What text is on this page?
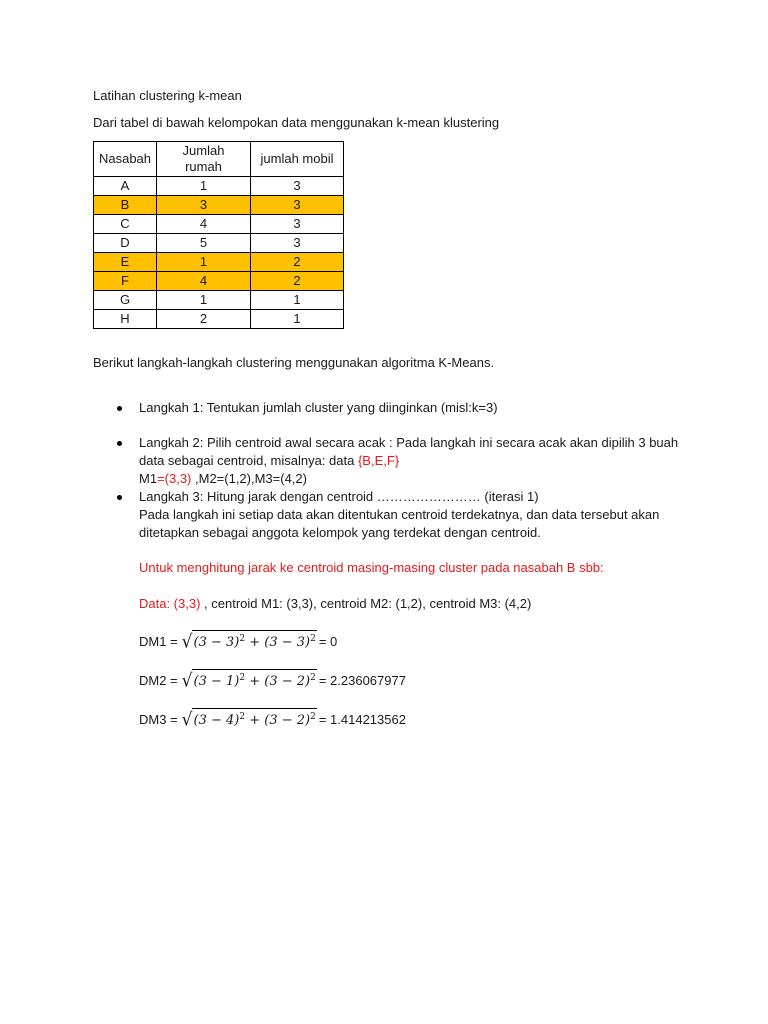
Latihan clustering k-mean
Dari tabel di bawah kelompokan data menggunakan k-mean klustering
Nasabah	Jumlah rumah	jumlah mobil
A	1	3
B	3	3
C	4	3
D	5	3
E	1	2
F	4	2
G	1	1
H	2	1
Berikut langkah-langkah clustering menggunakan algoritma K-Means.
Langkah 1: Tentukan jumlah cluster yang diinginkan (misl:k=3)
Langkah 2: Pilih centroid awal secara acak : Pada langkah ini secara acak akan dipilih 3 buah
data sebagai centroid, misalnya: data {B,E,F}
M1=(3,3) ,M2=(1,2),M3=(4,2)
Langkah 3: Hitung jarak dengan centroid …………………… (iterasi 1)
Pada langkah ini setiap data akan ditentukan centroid terdekatnya, dan data tersebut akan
ditetapkan sebagai anggota kelompok yang terdekat dengan centroid.
Untuk menghitung jarak ke centroid masing-masing cluster pada nasabah B sbb:
Data: (3,3) , centroid M1: (3,3), centroid M2: (1,2), centroid M3: (4,2)
DM1 = √ $(3 - 3)^2 + (3 - 3)^2 = 0$
DM2 = √ $(3 - 1)^2 + (3 - 2)^2 = 2.236067977$
DM3 = √ $(3 - 4)^2 + (3 - 2)^2 = 1.414213562$
